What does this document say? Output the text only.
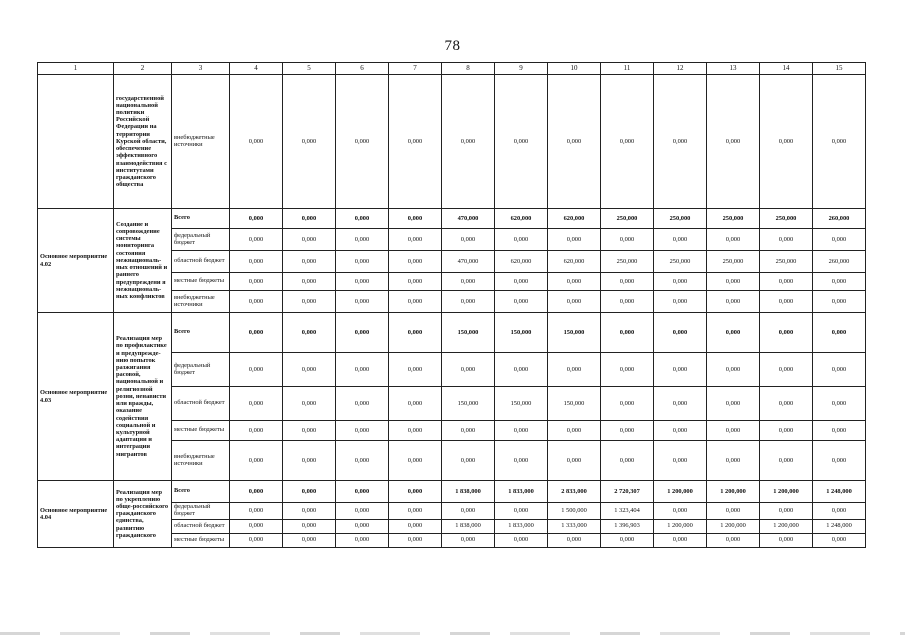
78
1	2	3	4	5	6	7	8	9	10	11	12	13	14	15
	государственной национальной политики Российской Федерации на территории Курской области, обеспечение эффективного взаимодействия с институтами гражданского общества	внебюджетные источники	0,000	0,000	0,000	0,000	0,000	0,000	0,000	0,000	0,000	0,000	0,000	0,000
Основное мероприятие 4.02	Создание и сопровождение системы мониторинга состояния межнациональ-ных отношений и раннего предупреждени я межнациональ-ных конфликтов	Всего	0,000	0,000	0,000	0,000	470,000	620,000	620,000	250,000	250,000	250,000	250,000	260,000
		федеральный бюджет	0,000	0,000	0,000	0,000	0,000	0,000	0,000	0,000	0,000	0,000	0,000	0,000
		областной бюджет	0,000	0,000	0,000	0,000	470,000	620,000	620,000	250,000	250,000	250,000	250,000	260,000
		местные бюджеты	0,000	0,000	0,000	0,000	0,000	0,000	0,000	0,000	0,000	0,000	0,000	0,000
		внебюджетные источники	0,000	0,000	0,000	0,000	0,000	0,000	0,000	0,000	0,000	0,000	0,000	0,000
Основное мероприятие 4.03	Реализация мер по профилактике и предупрежде-нию попыток разжигания расовой, национальной и религиозной розни, ненависти или вражды, оказание содействия социальной и культурной адаптации и интеграции мигрантов	Всего	0,000	0,000	0,000	0,000	150,000	150,000	150,000	0,000	0,000	0,000	0,000	0,000
		федеральный бюджет	0,000	0,000	0,000	0,000	0,000	0,000	0,000	0,000	0,000	0,000	0,000	0,000
		областной бюджет	0,000	0,000	0,000	0,000	150,000	150,000	150,000	0,000	0,000	0,000	0,000	0,000
		местные бюджеты	0,000	0,000	0,000	0,000	0,000	0,000	0,000	0,000	0,000	0,000	0,000	0,000
		внебюджетные источники	0,000	0,000	0,000	0,000	0,000	0,000	0,000	0,000	0,000	0,000	0,000	0,000
Основное мероприятие 4.04	Реализация мер по укреплению обще-российского гражданского единства, развитию гражданского	Всего	0,000	0,000	0,000	0,000	1 838,000	1 833,000	2 833,000	2 720,307	1 200,000	1 200,000	1 200,000	1 248,000
		федеральный бюджет	0,000	0,000	0,000	0,000	0,000	0,000	1 500,000	1 323,404	0,000	0,000	0,000	0,000
		областной бюджет	0,000	0,000	0,000	0,000	1 838,000	1 833,000	1 333,000	1 396,903	1 200,000	1 200,000	1 200,000	1 248,000
		местные бюджеты	0,000	0,000	0,000	0,000	0,000	0,000	0,000	0,000	0,000	0,000	0,000	0,000
